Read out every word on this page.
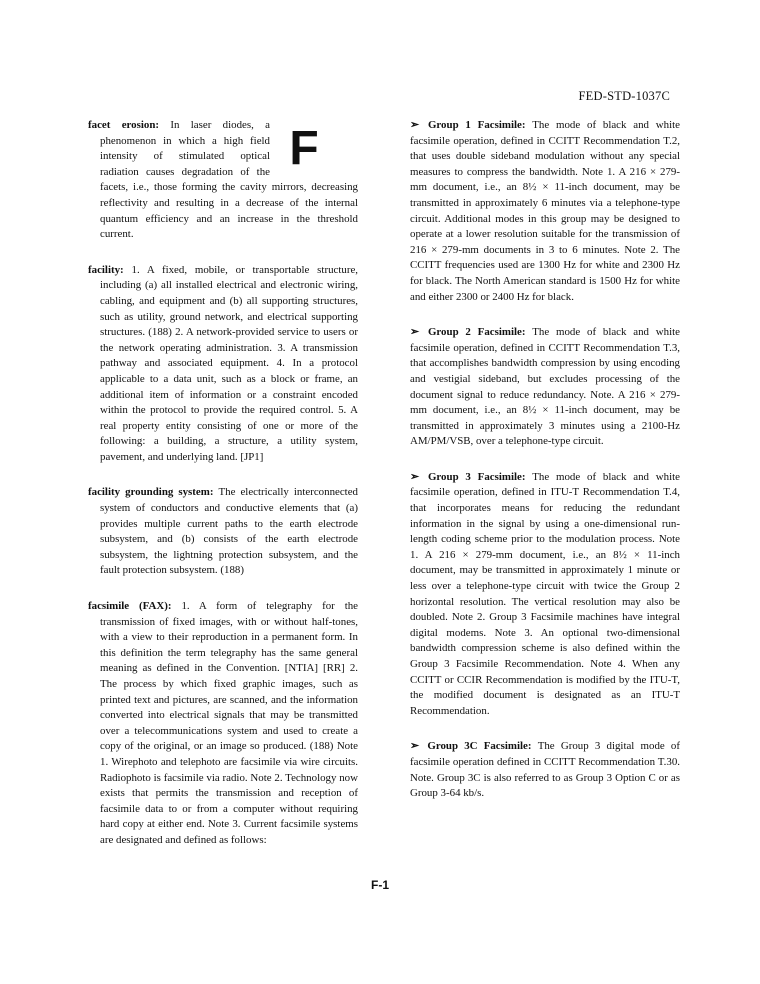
FED-STD-1037C
F
facet erosion: In laser diodes, a phenomenon in which a high field intensity of stimulated optical radiation causes degradation of the facets, i.e., those forming the cavity mirrors, decreasing reflectivity and resulting in a decrease of the internal quantum efficiency and an increase in the threshold current.
facility: 1. A fixed, mobile, or transportable structure, including (a) all installed electrical and electronic wiring, cabling, and equipment and (b) all supporting structures, such as utility, ground network, and electrical supporting structures. (188) 2. A network-provided service to users or the network operating administration. 3. A transmission pathway and associated equipment. 4. In a protocol applicable to a data unit, such as a block or frame, an additional item of information or a constraint encoded within the protocol to provide the required control. 5. A real property entity consisting of one or more of the following: a building, a structure, a utility system, pavement, and underlying land. [JP1]
facility grounding system: The electrically interconnected system of conductors and conductive elements that (a) provides multiple current paths to the earth electrode subsystem, and (b) consists of the earth electrode subsystem, the lightning protection subsystem, and the fault protection subsystem. (188)
facsimile (FAX): 1. A form of telegraphy for the transmission of fixed images, with or without half-tones, with a view to their reproduction in a permanent form. In this definition the term telegraphy has the same general meaning as defined in the Convention. [NTIA] [RR] 2. The process by which fixed graphic images, such as printed text and pictures, are scanned, and the information converted into electrical signals that may be transmitted over a telecommunications system and used to create a copy of the original, or an image so produced. (188) Note 1. Wirephoto and telephoto are facsimile via wire circuits. Radiophoto is facsimile via radio. Note 2. Technology now exists that permits the transmission and reception of facsimile data to or from a computer without requiring hard copy at either end. Note 3. Current facsimile systems are designated and defined as follows:
➢ Group 1 Facsimile: The mode of black and white facsimile operation, defined in CCITT Recommendation T.2, that uses double sideband modulation without any special measures to compress the bandwidth. Note 1. A 216 × 279-mm document, i.e., an 8½ × 11-inch document, may be transmitted in approximately 6 minutes via a telephone-type circuit. Additional modes in this group may be designed to operate at a lower resolution suitable for the transmission of 216 × 279-mm documents in 3 to 6 minutes. Note 2. The CCITT frequencies used are 1300 Hz for white and 2300 Hz for black. The North American standard is 1500 Hz for white and either 2300 or 2400 Hz for black.
➢ Group 2 Facsimile: The mode of black and white facsimile operation, defined in CCITT Recommendation T.3, that accomplishes bandwidth compression by using encoding and vestigial sideband, but excludes processing of the document signal to reduce redundancy. Note. A 216 × 279-mm document, i.e., an 8½ × 11-inch document, may be transmitted in approximately 3 minutes using a 2100-Hz AM/PM/VSB, over a telephone-type circuit.
➢ Group 3 Facsimile: The mode of black and white facsimile operation, defined in ITU-T Recommendation T.4, that incorporates means for reducing the redundant information in the signal by using a one-dimensional run-length coding scheme prior to the modulation process. Note 1. A 216 × 279-mm document, i.e., an 8½ × 11-inch document, may be transmitted in approximately 1 minute or less over a telephone-type circuit with twice the Group 2 horizontal resolution. The vertical resolution may also be doubled. Note 2. Group 3 Facsimile machines have integral digital modems. Note 3. An optional two-dimensional bandwidth compression scheme is also defined within the Group 3 Facsimile Recommendation. Note 4. When any CCITT or CCIR Recommendation is modified by the ITU-T, the modified document is designated as an ITU-T Recommendation.
➢ Group 3C Facsimile: The Group 3 digital mode of facsimile operation defined in CCITT Recommendation T.30. Note. Group 3C is also referred to as Group 3 Option C or as Group 3-64 kb/s.
F-1
